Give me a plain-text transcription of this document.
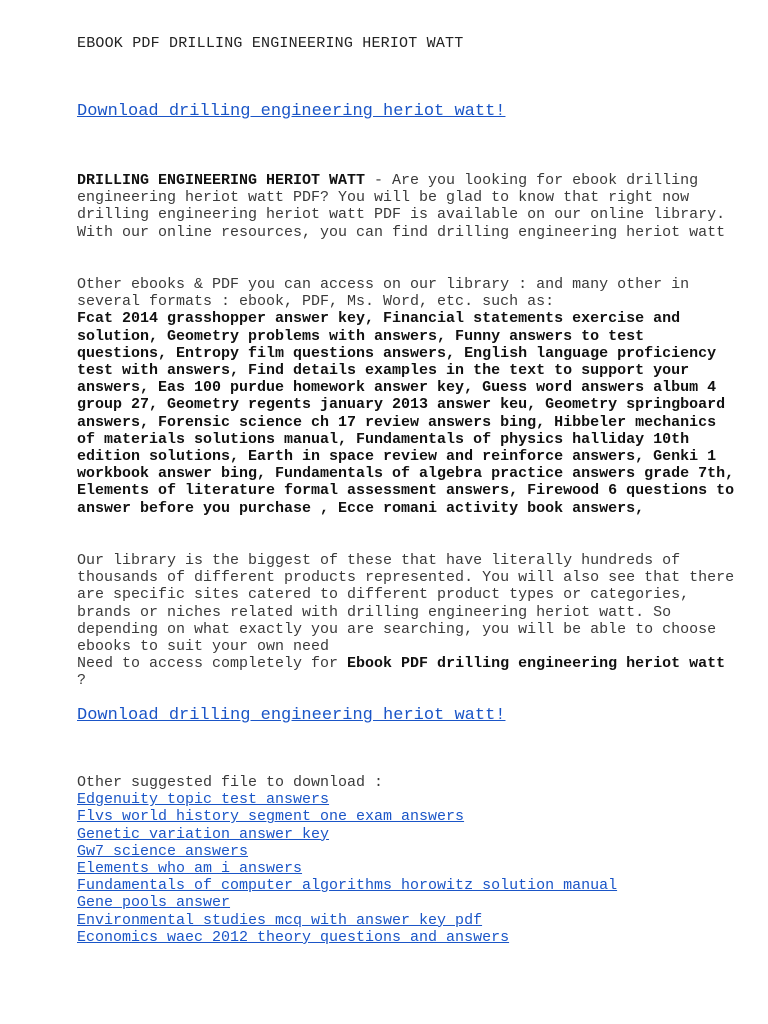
EBOOK PDF DRILLING ENGINEERING HERIOT WATT
Download drilling engineering heriot watt!

DRILLING ENGINEERING HERIOT WATT - Are you looking for ebook drilling engineering heriot watt PDF? You will be glad to know that right now drilling engineering heriot watt PDF is available on our online library. With our online resources, you can find drilling engineering heriot watt

Other ebooks & PDF you can access on our library : and many other in several formats : ebook, PDF, Ms. Word, etc. such as:
Fcat 2014 grasshopper answer key, Financial statements exercise and solution, Geometry problems with answers, Funny answers to test questions, Entropy film questions answers, English language proficiency test with answers, Find details examples in the text to support your answers, Eas 100 purdue homework answer key, Guess word answers album 4 group 27, Geometry regents january 2013 answer keu, Geometry springboard answers, Forensic science ch 17 review answers bing, Hibbeler mechanics of materials solutions manual, Fundamentals of physics halliday 10th edition solutions, Earth in space review and reinforce answers, Genki 1 workbook answer bing, Fundamentals of algebra practice answers grade 7th, Elements of literature formal assessment answers, Firewood 6 questions to answer before you purchase , Ecce romani activity book answers,

Our library is the biggest of these that have literally hundreds of thousands of different products represented. You will also see that there are specific sites catered to different product types or categories, brands or niches related with drilling engineering heriot watt. So depending on what exactly you are searching, you will be able to choose ebooks to suit your own need
Need to access completely for Ebook PDF drilling engineering heriot watt ?

Download drilling engineering heriot watt!
Other suggested file to download :
Edgenuity topic test answers
Flvs world history segment one exam answers
Genetic variation answer key
Gw7 science answers
Elements who am i answers
Fundamentals of computer algorithms horowitz solution manual
Gene pools answer
Environmental studies mcq with answer key pdf
Economics waec 2012 theory questions and answers
